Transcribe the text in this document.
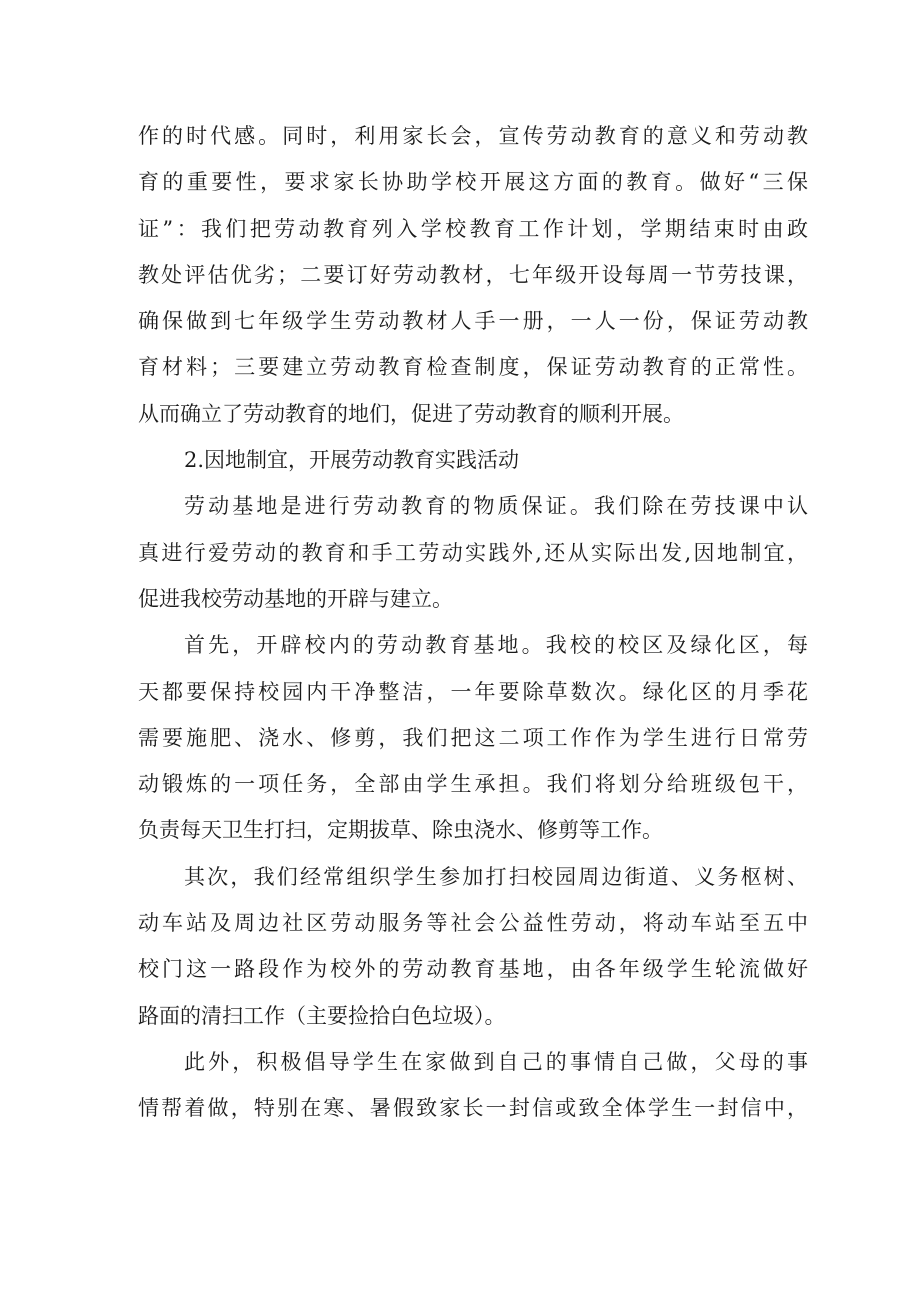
作的时代感。同时，利用家长会，宣传劳动教育的意义和劳动教
育的重要性，要求家长协助学校开展这方面的教育。做好“三保
证”：我们把劳动教育列入学校教育工作计划，学期结束时由政
教处评估优劣；二要订好劳动教材，七年级开设每周一节劳技课，
确保做到七年级学生劳动教材人手一册，一人一份，保证劳动教
育材料；三要建立劳动教育检查制度，保证劳动教育的正常性。
从而确立了劳动教育的地们，促进了劳动教育的顺利开展。
2.因地制宜，开展劳动教育实践活动
劳动基地是进行劳动教育的物质保证。我们除在劳技课中认
真进行爱劳动的教育和手工劳动实践外,还从实际出发,因地制宜，
促进我校劳动基地的开辟与建立。
首先，开辟校内的劳动教育基地。我校的校区及绿化区，每
天都要保持校园内干净整洁，一年要除草数次。绿化区的月季花
需要施肥、浇水、修剪，我们把这二项工作作为学生进行日常劳
动锻炼的一项任务，全部由学生承担。我们将划分给班级包干，
负责每天卫生打扫，定期拔草、除虫浇水、修剪等工作。
其次，我们经常组织学生参加打扫校园周边街道、义务枢树、
动车站及周边社区劳动服务等社会公益性劳动，将动车站至五中
校门这一路段作为校外的劳动教育基地，由各年级学生轮流做好
路面的清扫工作（主要捡拾白色垃圾）。
此外，积极倡导学生在家做到自己的事情自己做，父母的事
情帮着做，特别在寒、暑假致家长一封信或致全体学生一封信中，
